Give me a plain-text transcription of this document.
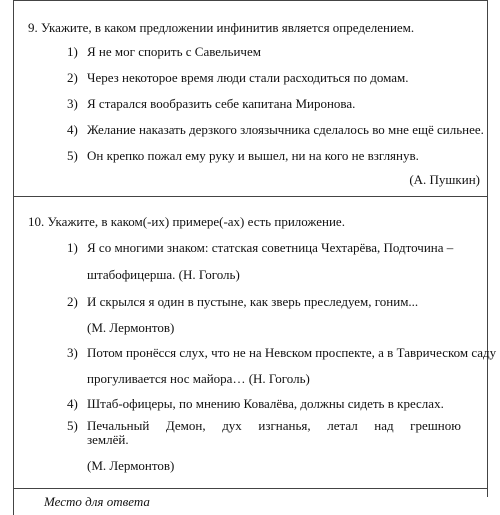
9. Укажите, в каком предложении инфинитив является определением.
1) Я не мог спорить с Савельичем
2) Через некоторое время люди стали расходиться по домам.
3) Я старался вообразить себе капитана Миронова.
4) Желание наказать дерзкого злоязычника сделалось во мне ещё сильнее.
5) Он крепко пожал ему руку и вышел, ни на кого не взглянув.
(А. Пушкин)
10. Укажите, в каком(-их) примере(-ах) есть приложение.
1) Я со многими знаком: статская советница Чехтарёва, Подточина –
штабофицерша. (Н. Гоголь)
2) И скрылся я один в пустыне, как зверь преследуем, гоним...
(М. Лермонтов)
3) Потом пронёсся слух, что не на Невском проспекте, а в Таврическом саду
прогуливается нос майора… (Н. Гоголь)
4) Штаб-офицеры, по мнению Ковалёва, должны сидеть в креслах.
5) Печальный Демон, дух изгнанья, летал над грешною
землёй.
(М. Лермонтов)
Место для ответа
